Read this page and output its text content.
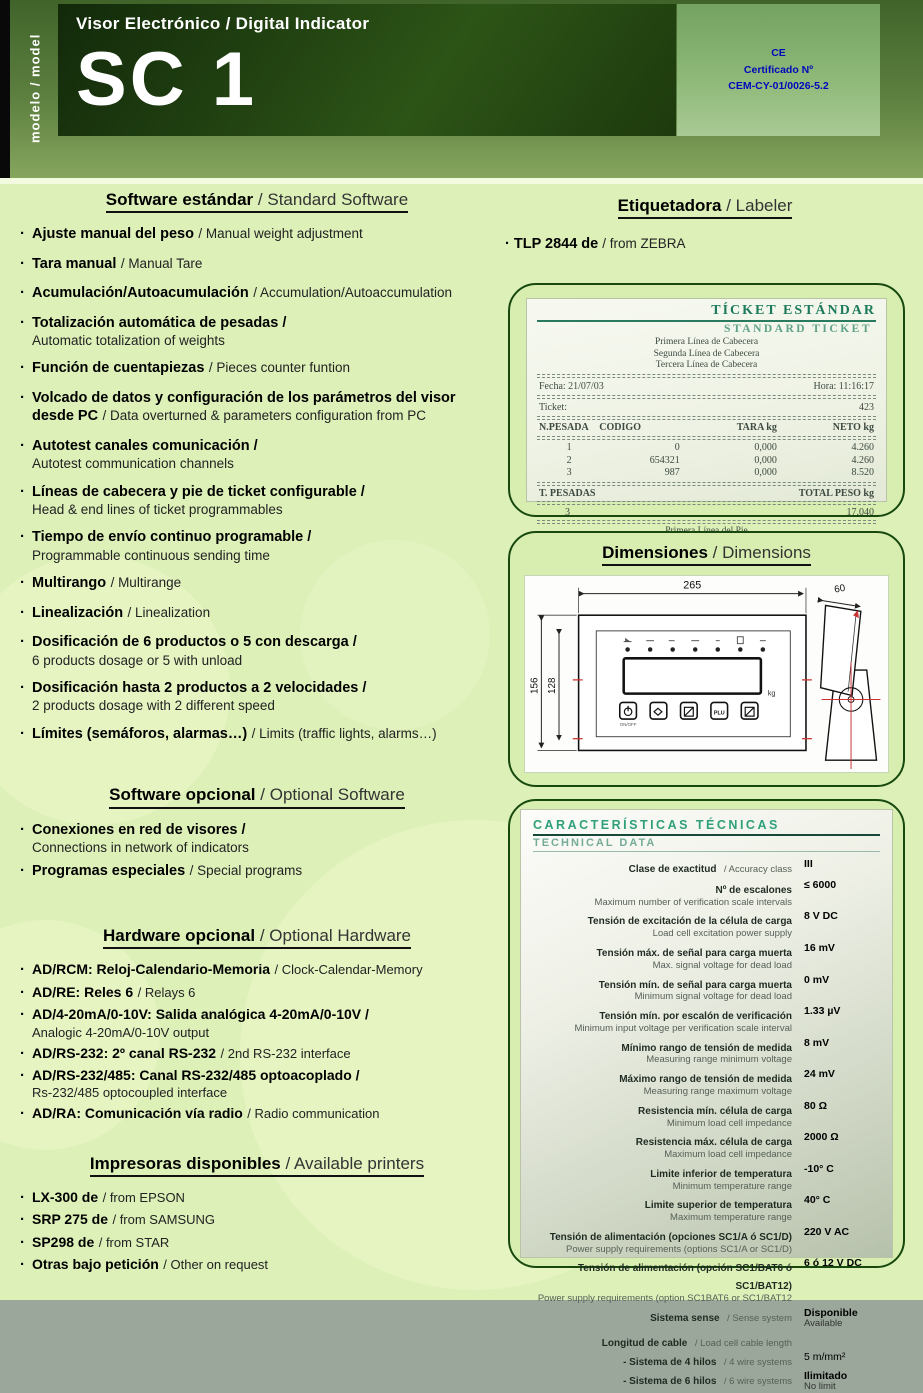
modelo / model
Visor Electrónico / Digital Indicator
SC 1	CE
Certificado Nº
CEM-CY-01/0026-5.2
Software estándar / Standard Software
· Ajuste manual del peso / Manual weight adjustment
· Tara manual / Manual Tare
· Acumulación/Autoacumulación / Accumulation/Autoaccumulation
· Totalización automática de pesadas /
Automatic totalization of weights
· Función de cuentapiezas / Pieces counter funtion
· Volcado de datos y configuración de los parámetros del visor desde PC / Data overturned & parameters configuration from PC
· Autotest canales comunicación /
Autotest communication channels
· Líneas de cabecera y pie de ticket configurable /
Head & end lines of ticket programmables
· Tiempo de envío continuo programable /
Programmable continuous sending time
· Multirango / Multirange
· Linealización / Linealization
· Dosificación de 6 productos o 5 con descarga /
6 products dosage or 5 with unload
· Dosificación hasta 2 productos a 2 velocidades /
2 products dosage with 2 different speed
· Límites (semáforos, alarmas…) / Limits (traffic lights, alarms…)
Software opcional / Optional Software
· Conexiones en red de visores /
Connections in network of indicators
· Programas especiales / Special programs
Hardware opcional / Optional Hardware
· AD/RCM: Reloj-Calendario-Memoria / Clock-Calendar-Memory
· AD/RE: Reles 6 / Relays 6
· AD/4-20mA/0-10V: Salida analógica 4-20mA/0-10V /
Analogic 4-20mA/0-10V output
· AD/RS-232: 2º canal RS-232 / 2nd RS-232 interface
· AD/RS-232/485: Canal RS-232/485 optoacoplado /
Rs-232/485 optocoupled interface
· AD/RA: Comunicación vía radio / Radio communication
Impresoras disponibles / Available printers
· LX-300 de / from EPSON
· SRP 275 de / from SAMSUNG
· SP298 de / from STAR
· Otras bajo petición / Other on request
Etiquetadora / Labeler
· TLP 2844 de / from ZEBRA
TÍCKET ESTÁNDAR
STANDARD TICKET
Primera Línea de Cabecera
Segunda Línea de Cabecera
Tercera Línea de Cabecera
Fecha: 21/07/03	Hora: 11:16:17
Ticket:	423
N.PESADA	CODIGO	TARA kg	NETO kg
1	0	0,000	4.260
2	654321	0,000	4.260
3	987	0,000	8.520
T. PESADAS	TOTAL PESO kg
3	17.040
Dimensiones / Dimensions
265
156 128	kg
PLU
ON/OFF
60
CARACTERÍSTICAS TÉCNICAS
TECHNICAL DATA
Clase de exactitud / Accuracy class III
Nº de escalones
Maximum number of verification scale intervals
≤ 6000
Tensión de excitación de la célula de carga
Load cell excitation power supply
8 V DC
Tensión máx. de señal para carga muerta
Max. signal voltage for dead load
16 mV
Tensión mín. de señal para carga muerta
Minimum signal voltage for dead load
0 mV
Tensión mín. por escalón de verificación
Minimum input voltage per verification scale interval
1.33 µV
Mínimo rango de tensión de medida
Measuring range minimum voltage
8 mV
Máximo rango de tensión de medida
Measuring range maximum voltage
24 mV
Resistencia mín. célula de carga
Minimum load cell impedance
80 Ω
Resistencia máx. célula de carga
Maximum load cell impedance
2000 Ω
Limite inferior de temperatura
Minimum temperature range
-10° C
Limite superior de temperatura
Maximum temperature range
40° C
Tensión de alimentación (opciones SC1/A ó SC1/D)
Power supply requirements (options SC1/A or SC1/D)
220 V AC
Tensión de alimentación (opción SC1/BAT6 ó SC1/BAT12)
Power supply requirements (option SC1BAT6 or SC1/BAT12
6 ó 12 V DC
Sistema sense / Sense system Disponible
Available
Longitud de cable / Load cell cable length
- Sistema de 4 hilos / 4 wire systems 5 m/mm²
- Sistema de 6 hilos / 6 wire systems Ilimitado
No limit
